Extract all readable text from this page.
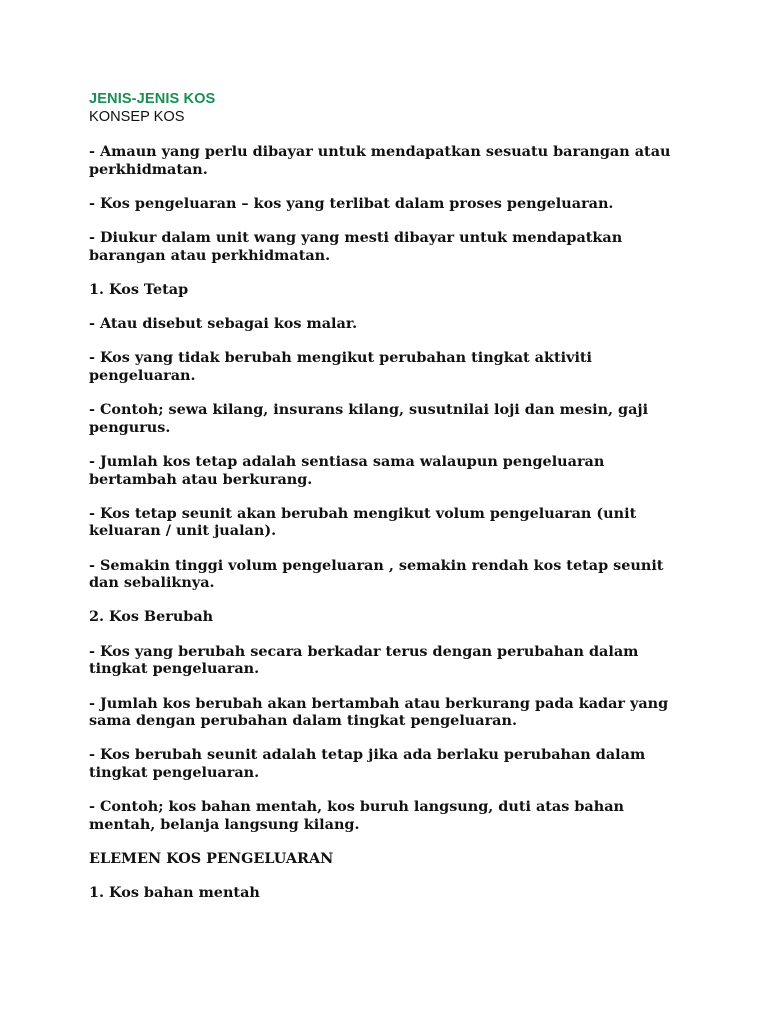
JENIS-JENIS KOS
KONSEP KOS

- Amaun yang perlu dibayar untuk mendapatkan sesuatu barangan atau perkhidmatan.

- Kos pengeluaran – kos yang terlibat dalam proses pengeluaran.

- Diukur dalam unit wang yang mesti dibayar untuk mendapatkan barangan atau perkhidmatan.

1. Kos Tetap

- Atau disebut sebagai kos malar.

- Kos yang tidak berubah mengikut perubahan tingkat aktiviti pengeluaran.

- Contoh; sewa kilang, insurans kilang, susutnilai loji dan mesin, gaji pengurus.

- Jumlah kos tetap adalah sentiasa sama walaupun pengeluaran bertambah atau berkurang.

- Kos tetap seunit akan berubah mengikut volum pengeluaran (unit keluaran / unit jualan).

- Semakin tinggi volum pengeluaran , semakin rendah kos tetap seunit dan sebaliknya.

2. Kos Berubah

- Kos yang berubah secara berkadar terus dengan perubahan dalam tingkat pengeluaran.

- Jumlah kos berubah akan bertambah atau berkurang pada kadar yang sama dengan perubahan dalam tingkat pengeluaran.

- Kos berubah seunit adalah tetap jika ada berlaku perubahan dalam tingkat pengeluaran.

- Contoh; kos bahan mentah, kos buruh langsung, duti atas bahan mentah, belanja langsung kilang.

ELEMEN KOS PENGELUARAN

1. Kos bahan mentah
